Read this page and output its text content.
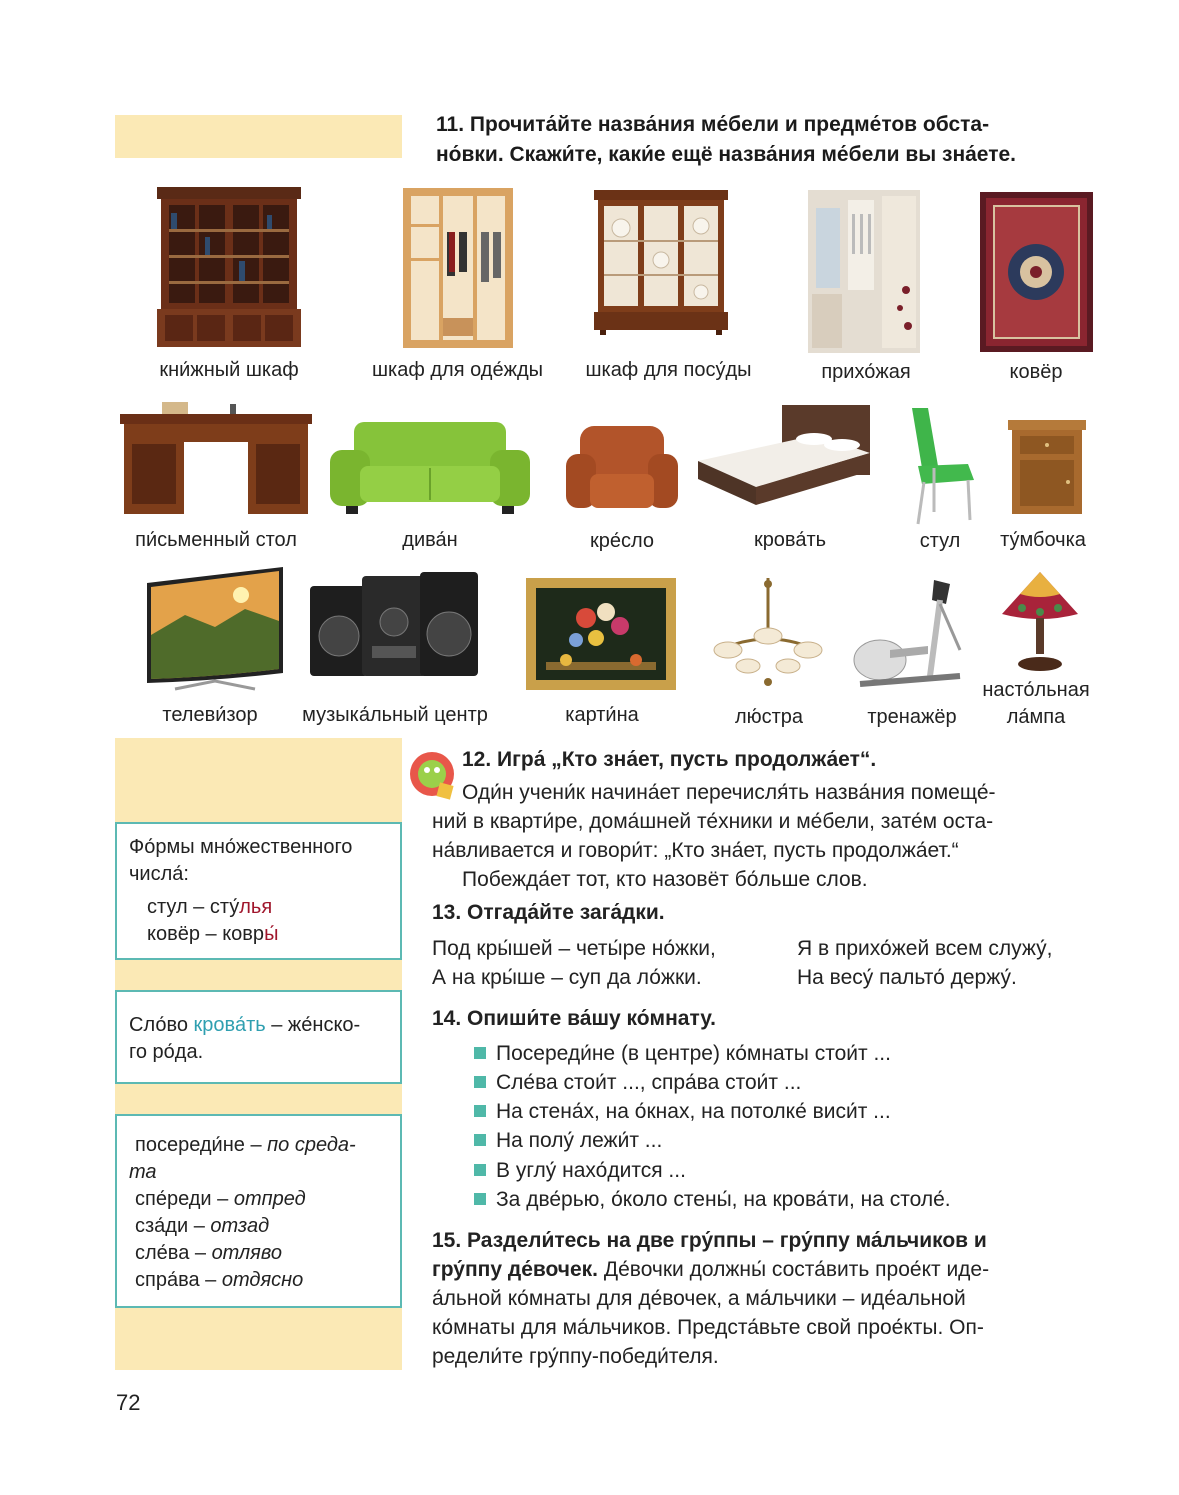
11. Прочита́йте назва́ния ме́бели и предме́тов обста-
но́вки. Скажи́те, каки́е ещё назва́ния ме́бели вы зна́ете.
кни́жный шкаф	шкаф для оде́жды	шкаф для посу́ды	прихо́жая	ковёр
пи́сьменный стол	дива́н	кре́сло	крова́ть	стул	ту́мбочка
телеви́зор	музыка́льный центр	карти́на	лю́стра	тренажёр
насто́льная
ла́мпа
Фо́рмы мно́жественного
числа́:
стул – сту́лья
ковёр – ковры́
Сло́во крова́ть – же́нско-
го ро́да.
посереди́не – по средa-
та
спе́реди – отпред
сза́ди – отзад
сле́ва – отляво
спра́ва – отдясно
12. Игра́ „Кто зна́ет, пусть продолжа́ет“.
Оди́н учени́к начина́ет перечисля́ть назва́ния помеще́-
ний в кварти́ре, дома́шней те́хники и ме́бели, зате́м оста-
на́вливается и говори́т: „Кто зна́ет, пусть продолжа́ет.“
Побежда́ет тот, кто назовёт бо́льше слов.
13. Отгада́йте зага́дки.
Под кры́шей – четы́ре но́жки,
А на кры́ше – суп да ло́жки.
Я в прихо́жей всем служу́,
На весу́ пальто́ держу́.
14. Опиши́те ва́шу ко́мнату.
Посереди́не (в центре) ко́мнаты стои́т ...
Сле́ва стои́т ..., спра́ва стои́т ...
На стена́х, на о́кнах, на потолке́ виси́т ...
На полу́ лежи́т ...
В углу́ нахо́дится ...
За две́рью, о́коло стены́, на крова́ти, на столе́.
15. Раздели́тесь на две гру́ппы – гру́ппу ма́льчиков и
гру́ппу де́вочек. Де́вочки должны́ соста́вить прое́кт иде-
а́льной ко́мнаты для де́вочек, а ма́льчики – иде́альной
ко́мнаты для ма́льчиков. Предста́вьте свой прое́кты. Оп-
редели́те гру́ппу-победи́теля.
72
